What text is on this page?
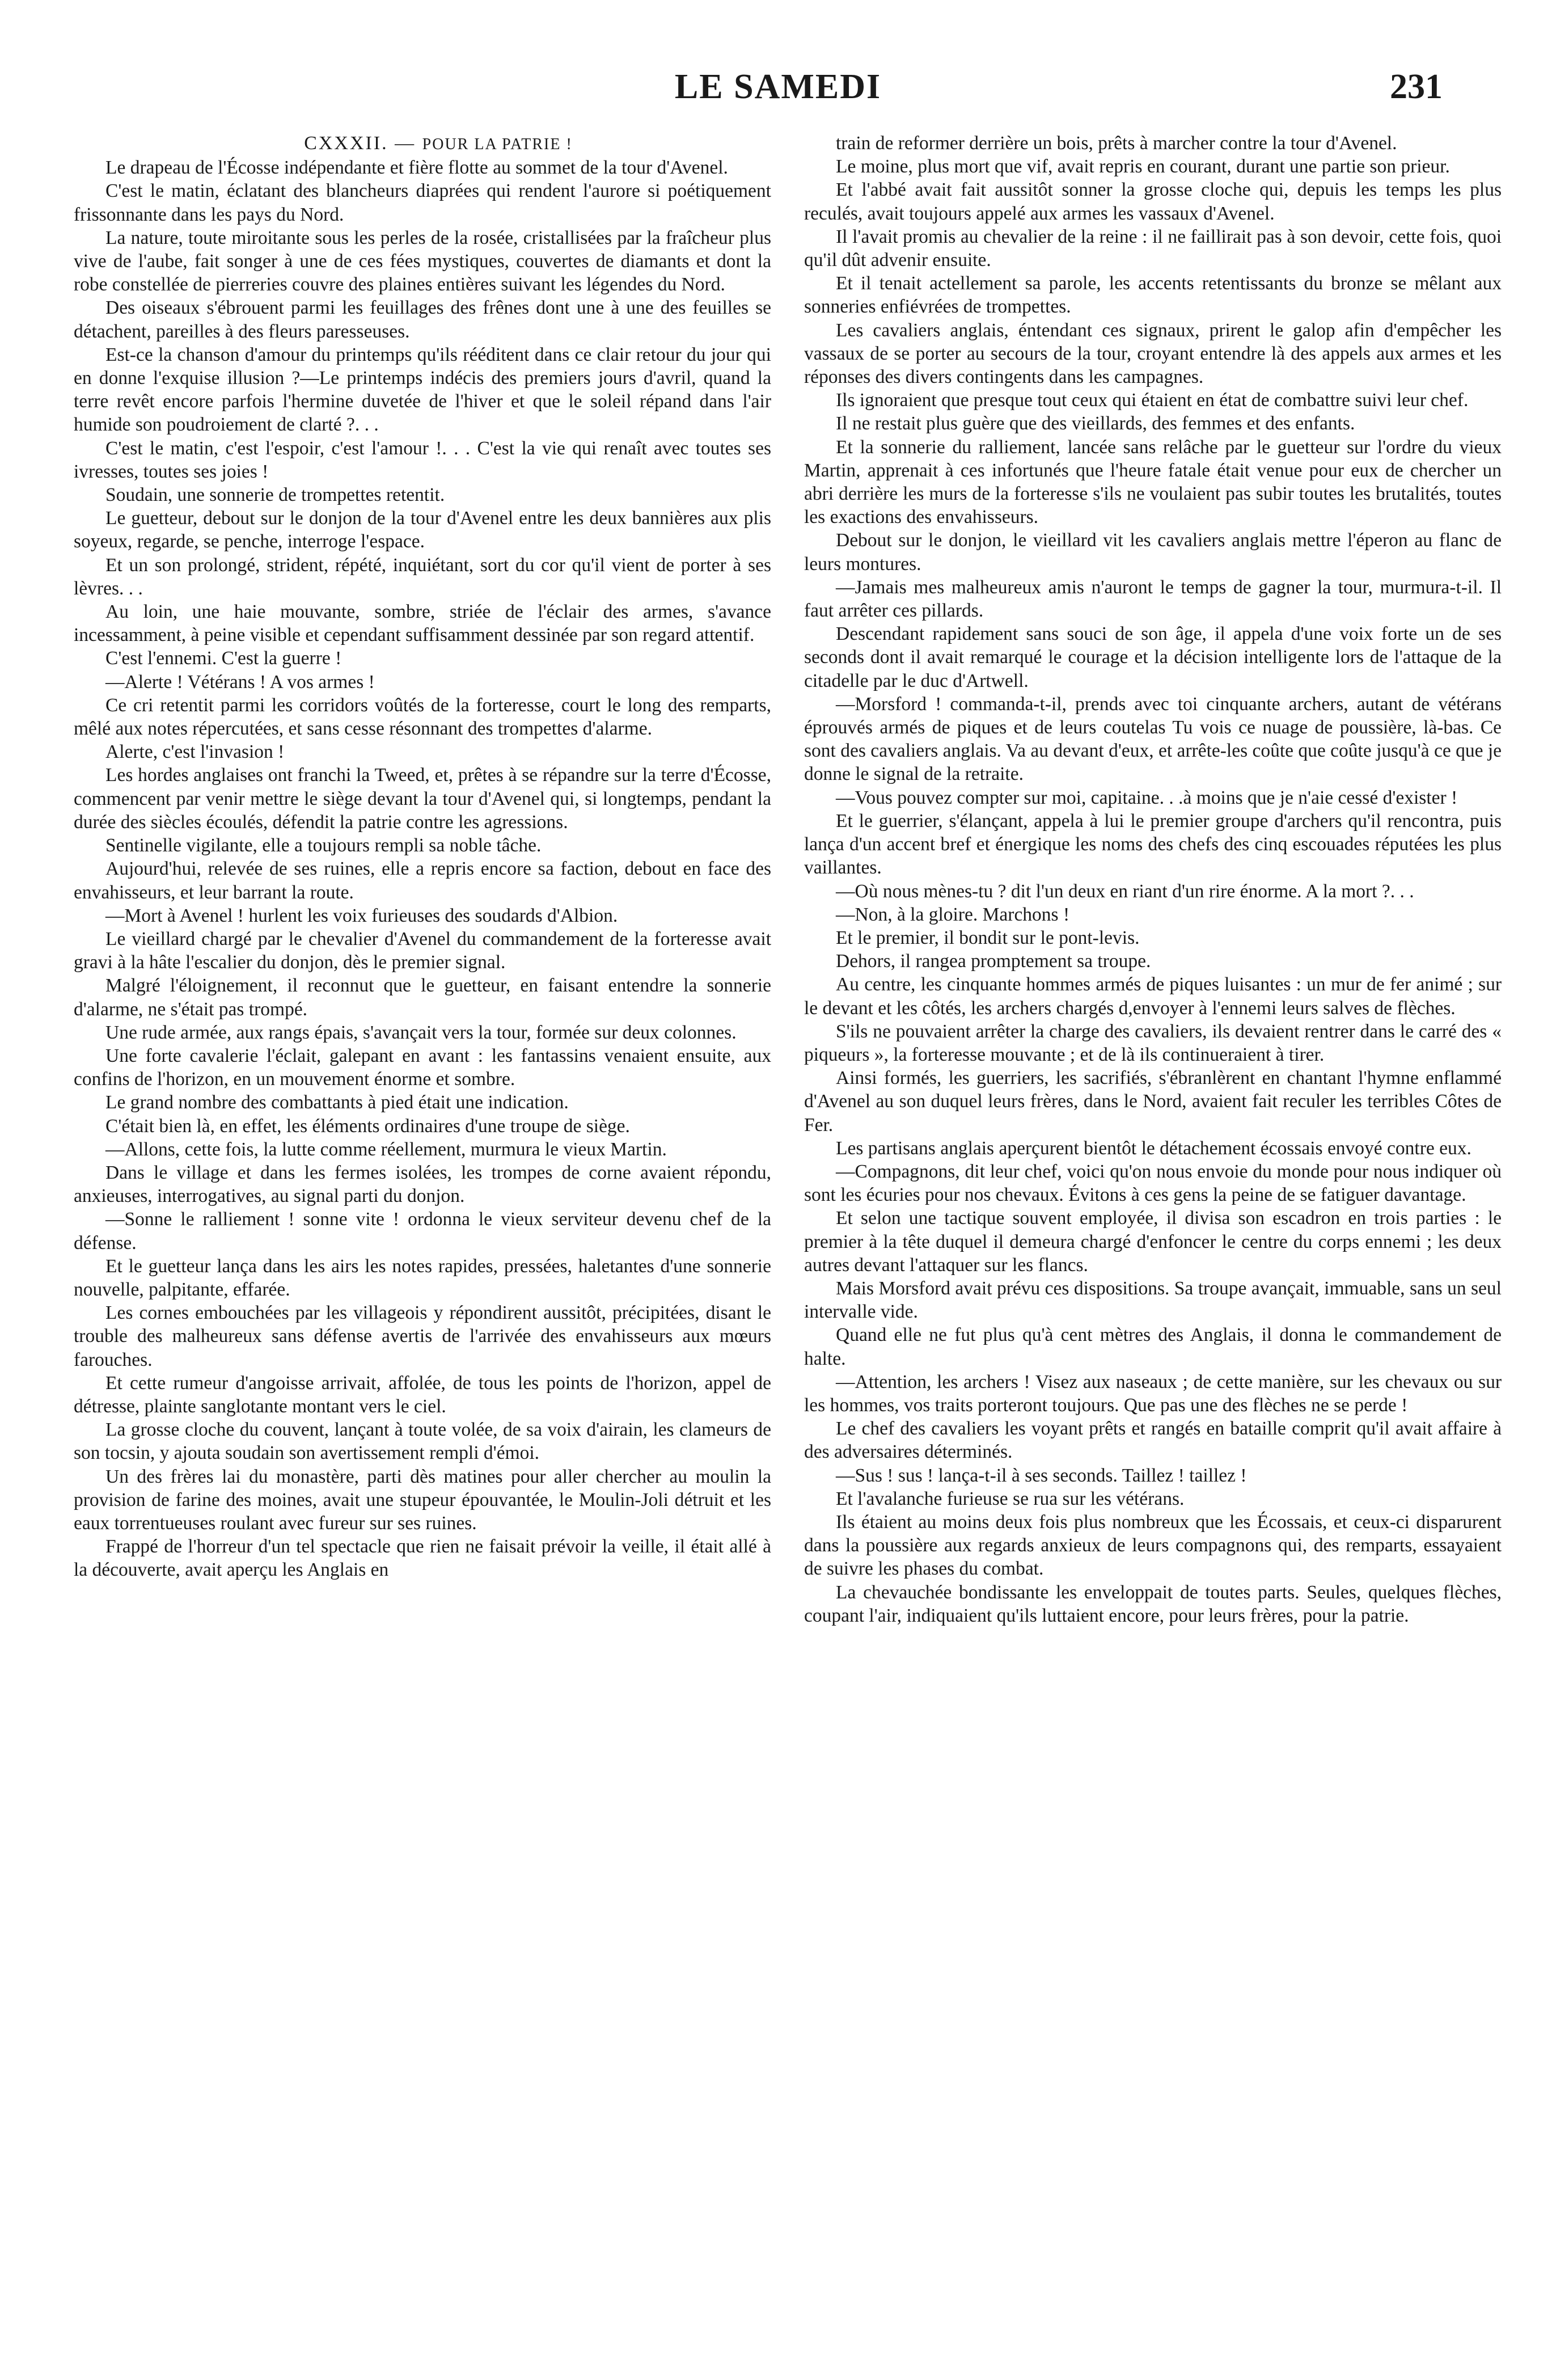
LE SAMEDI	231

CXXXII. — POUR LA PATRIE !

Le drapeau de l'Écosse indépendante et fière flotte au sommet de la tour d'Avenel.

C'est le matin, éclatant des blancheurs diaprées qui rendent l'aurore si poétiquement frissonnante dans les pays du Nord.

La nature, toute miroitante sous les perles de la rosée, cristallisées par la fraîcheur plus vive de l'aube, fait songer à une de ces fées mystiques, couvertes de diamants et dont la robe constellée de pierreries couvre des plaines entières suivant les légendes du Nord.

Des oiseaux s'ébrouent parmi les feuillages des frênes dont une à une des feuilles se détachent, pareilles à des fleurs paresseuses.

Est-ce la chanson d'amour du printemps qu'ils rééditent dans ce clair retour du jour qui en donne l'exquise illusion ?—Le printemps indécis des premiers jours d'avril, quand la terre revêt encore parfois l'hermine duvetée de l'hiver et que le soleil répand dans l'air humide son poudroiement de clarté ?. . .

C'est le matin, c'est l'espoir, c'est l'amour !. . . C'est la vie qui renaît avec toutes ses ivresses, toutes ses joies !

Soudain, une sonnerie de trompettes retentit.

Le guetteur, debout sur le donjon de la tour d'Avenel entre les deux bannières aux plis soyeux, regarde, se penche, interroge l'espace.

Et un son prolongé, strident, répété, inquiétant, sort du cor qu'il vient de porter à ses lèvres. . .

Au loin, une haie mouvante, sombre, striée de l'éclair des armes, s'avance incessamment, à peine visible et cependant suffisamment dessinée par son regard attentif.

C'est l'ennemi. C'est la guerre !

—Alerte ! Vétérans ! A vos armes !

Ce cri retentit parmi les corridors voûtés de la forteresse, court le long des remparts, mêlé aux notes répercutées, et sans cesse résonnant des trompettes d'alarme.

Alerte, c'est l'invasion !

Les hordes anglaises ont franchi la Tweed, et, prêtes à se répandre sur la terre d'Écosse, commencent par venir mettre le siège devant la tour d'Avenel qui, si longtemps, pendant la durée des siècles écoulés, défendit la patrie contre les agressions.

Sentinelle vigilante, elle a toujours rempli sa noble tâche.

Aujourd'hui, relevée de ses ruines, elle a repris encore sa faction, debout en face des envahisseurs, et leur barrant la route.

—Mort à Avenel ! hurlent les voix furieuses des soudards d'Albion.

Le vieillard chargé par le chevalier d'Avenel du commandement de la forteresse avait gravi à la hâte l'escalier du donjon, dès le premier signal.

Malgré l'éloignement, il reconnut que le guetteur, en faisant entendre la sonnerie d'alarme, ne s'était pas trompé.

Une rude armée, aux rangs épais, s'avançait vers la tour, formée sur deux colonnes.

Une forte cavalerie l'éclait, galepant en avant : les fantassins venaient ensuite, aux confins de l'horizon, en un mouvement énorme et sombre.

Le grand nombre des combattants à pied était une indication.

C'était bien là, en effet, les éléments ordinaires d'une troupe de siège.

—Allons, cette fois, la lutte comme réellement, murmura le vieux Martin.

Dans le village et dans les fermes isolées, les trompes de corne avaient répondu, anxieuses, interrogatives, au signal parti du donjon.

—Sonne le ralliement ! sonne vite ! ordonna le vieux serviteur devenu chef de la défense.

Et le guetteur lança dans les airs les notes rapides, pressées, haletantes d'une sonnerie nouvelle, palpitante, effarée.

Les cornes embouchées par les villageois y répondirent aussitôt, précipitées, disant le trouble des malheureux sans défense avertis de l'arrivée des envahisseurs aux mœurs farouches.

Et cette rumeur d'angoisse arrivait, affolée, de tous les points de l'horizon, appel de détresse, plainte sanglotante montant vers le ciel.

La grosse cloche du couvent, lançant à toute volée, de sa voix d'airain, les clameurs de son tocsin, y ajouta soudain son avertissement rempli d'émoi.

Un des frères lai du monastère, parti dès matines pour aller chercher au moulin la provision de farine des moines, avait une stupeur épouvantée, le Moulin-Joli détruit et les eaux torrentueuses roulant avec fureur sur ses ruines.

Frappé de l'horreur d'un tel spectacle que rien ne faisait prévoir la veille, il était allé à la découverte, avait aperçu les Anglais en

train de reformer derrière un bois, prêts à marcher contre la tour d'Avenel.

Le moine, plus mort que vif, avait repris en courant, durant une partie son prieur.

Et l'abbé avait fait aussitôt sonner la grosse cloche qui, depuis les temps les plus reculés, avait toujours appelé aux armes les vassaux d'Avenel.

Il l'avait promis au chevalier de la reine : il ne faillirait pas à son devoir, cette fois, quoi qu'il dût advenir ensuite.

Et il tenait actellement sa parole, les accents retentissants du bronze se mêlant aux sonneries enfiévrées de trompettes.

Les cavaliers anglais, éntendant ces signaux, prirent le galop afin d'empêcher les vassaux de se porter au secours de la tour, croyant entendre là des appels aux armes et les réponses des divers contingents dans les campagnes.

Ils ignoraient que presque tout ceux qui étaient en état de combattre suivi leur chef.

Il ne restait plus guère que des vieillards, des femmes et des enfants.

Et la sonnerie du ralliement, lancée sans relâche par le guetteur sur l'ordre du vieux Martin, apprenait à ces infortunés que l'heure fatale était venue pour eux de chercher un abri derrière les murs de la forteresse s'ils ne voulaient pas subir toutes les brutalités, toutes les exactions des envahisseurs.

Debout sur le donjon, le vieillard vit les cavaliers anglais mettre l'éperon au flanc de leurs montures.

—Jamais mes malheureux amis n'auront le temps de gagner la tour, murmura-t-il. Il faut arrêter ces pillards.

Descendant rapidement sans souci de son âge, il appela d'une voix forte un de ses seconds dont il avait remarqué le courage et la décision intelligente lors de l'attaque de la citadelle par le duc d'Artwell.

—Morsford ! commanda-t-il, prends avec toi cinquante archers, autant de vétérans éprouvés armés de piques et de leurs coutelas Tu vois ce nuage de poussière, là-bas. Ce sont des cavaliers anglais. Va au devant d'eux, et arrête-les coûte que coûte jusqu'à ce que je donne le signal de la retraite.

—Vous pouvez compter sur moi, capitaine. . .à moins que je n'aie cessé d'exister !

Et le guerrier, s'élançant, appela à lui le premier groupe d'archers qu'il rencontra, puis lança d'un accent bref et énergique les noms des chefs des cinq escouades réputées les plus vaillantes.

—Où nous mènes-tu ? dit l'un deux en riant d'un rire énorme. A la mort ?. . .

—Non, à la gloire. Marchons !

Et le premier, il bondit sur le pont-levis.

Dehors, il rangea promptement sa troupe.

Au centre, les cinquante hommes armés de piques luisantes : un mur de fer animé ; sur le devant et les côtés, les archers chargés d,envoyer à l'ennemi leurs salves de flèches.

S'ils ne pouvaient arrêter la charge des cavaliers, ils devaient rentrer dans le carré des « piqueurs », la forteresse mouvante ; et de là ils continueraient à tirer.

Ainsi formés, les guerriers, les sacrifiés, s'ébranlèrent en chantant l'hymne enflammé d'Avenel au son duquel leurs frères, dans le Nord, avaient fait reculer les terribles Côtes de Fer.

Les partisans anglais aperçurent bientôt le détachement écossais envoyé contre eux.

—Compagnons, dit leur chef, voici qu'on nous envoie du monde pour nous indiquer où sont les écuries pour nos chevaux. Évitons à ces gens la peine de se fatiguer davantage.

Et selon une tactique souvent employée, il divisa son escadron en trois parties : le premier à la tête duquel il demeura chargé d'enfoncer le centre du corps ennemi ; les deux autres devant l'attaquer sur les flancs.

Mais Morsford avait prévu ces dispositions. Sa troupe avançait, immuable, sans un seul intervalle vide.

Quand elle ne fut plus qu'à cent mètres des Anglais, il donna le commandement de halte.

—Attention, les archers ! Visez aux naseaux ; de cette manière, sur les chevaux ou sur les hommes, vos traits porteront toujours. Que pas une des flèches ne se perde !

Le chef des cavaliers les voyant prêts et rangés en bataille comprit qu'il avait affaire à des adversaires déterminés.

—Sus ! sus ! lança-t-il à ses seconds. Taillez ! taillez !

Et l'avalanche furieuse se rua sur les vétérans.

Ils étaient au moins deux fois plus nombreux que les Écossais, et ceux-ci disparurent dans la poussière aux regards anxieux de leurs compagnons qui, des remparts, essayaient de suivre les phases du combat.

La chevauchée bondissante les enveloppait de toutes parts. Seules, quelques flèches, coupant l'air, indiquaient qu'ils luttaient encore, pour leurs frères, pour la patrie.
